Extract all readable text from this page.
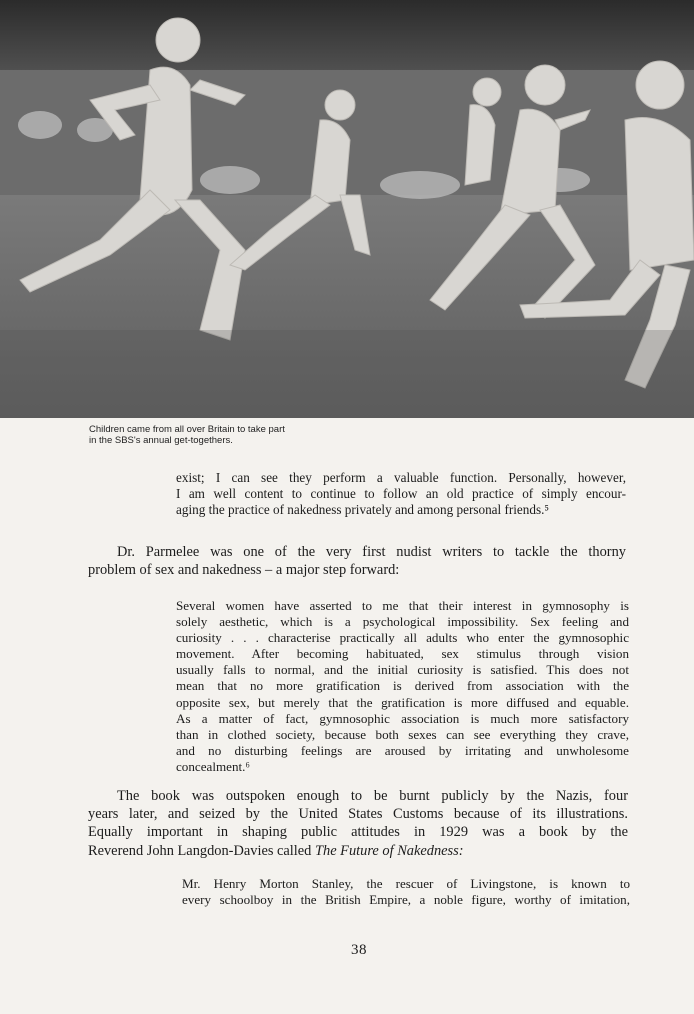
Children came from all over Britain to take part
in the SBS's annual get-togethers.
exist; I can see they perform a valuable function. Personally, however,
I am well content to continue to follow an old practice of simply encour-
aging the practice of nakedness privately and among personal friends.⁵
Dr. Parmelee was one of the very first nudist writers to tackle the thorny
problem of sex and nakedness – a major step forward:
Several women have asserted to me that their interest in gymnosophy is
solely aesthetic, which is a psychological impossibility. Sex feeling and
curiosity . . . characterise practically all adults who enter the gymnosophic
movement. After becoming habituated, sex stimulus through vision
usually falls to normal, and the initial curiosity is satisfied. This does not
mean that no more gratification is derived from association with the
opposite sex, but merely that the gratification is more diffused and equable.
As a matter of fact, gymnosophic association is much more satisfactory
than in clothed society, because both sexes can see everything they crave,
and no disturbing feelings are aroused by irritating and unwholesome
concealment.⁶
The book was outspoken enough to be burnt publicly by the Nazis, four
years later, and seized by the United States Customs because of its illustrations.
Equally important in shaping public attitudes in 1929 was a book by the
Reverend John Langdon-Davies called The Future of Nakedness:
Mr. Henry Morton Stanley, the rescuer of Livingstone, is known to
every schoolboy in the British Empire, a noble figure, worthy of imitation,
38
